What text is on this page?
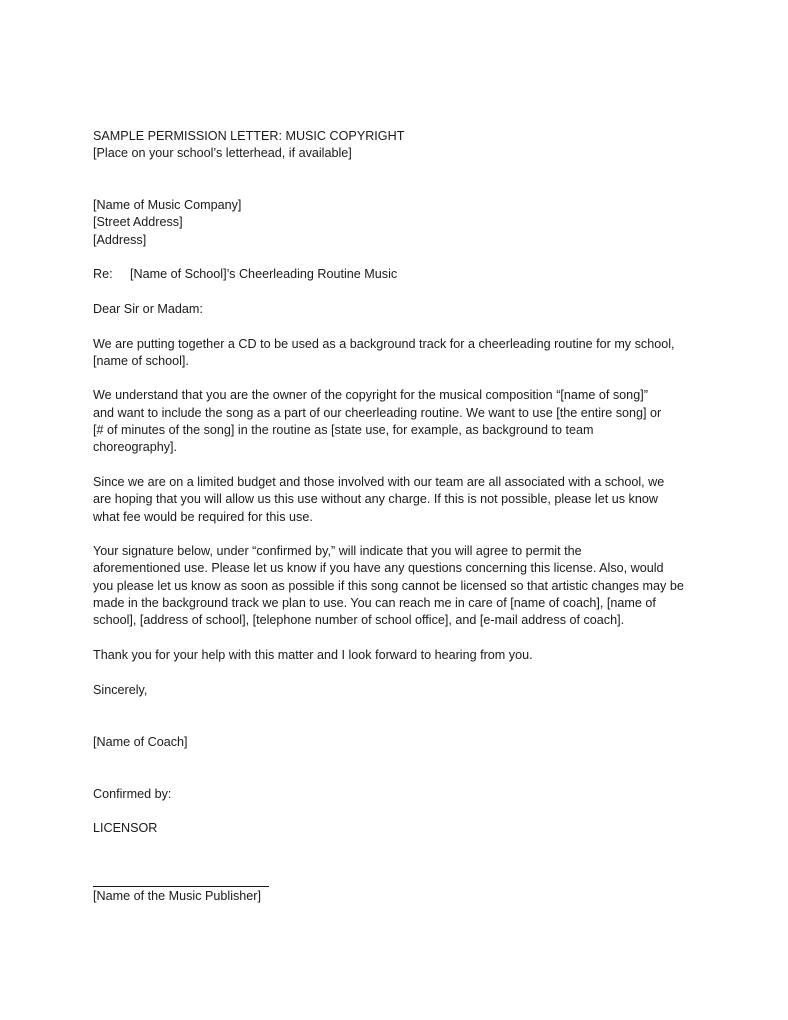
SAMPLE PERMISSION LETTER: MUSIC COPYRIGHT

[Place on your school’s letterhead, if available]

[Name of Music Company]

[Street Address]

[Address]

Re: [Name of School]’s Cheerleading Routine Music

Dear Sir or Madam:

We are putting together a CD to be used as a background track for a cheerleading routine for my school,

[name of school].

We understand that you are the owner of the copyright for the musical composition “[name of song]”

and want to include the song as a part of our cheerleading routine. We want to use [the entire song] or

[# of minutes of the song] in the routine as [state use, for example, as background to team

choreography].

Since we are on a limited budget and those involved with our team are all associated with a school, we

are hoping that you will allow us this use without any charge. If this is not possible, please let us know

what fee would be required for this use.

Your signature below, under “confirmed by,” will indicate that you will agree to permit the

aforementioned use. Please let us know if you have any questions concerning this license. Also, would

you please let us know as soon as possible if this song cannot be licensed so that artistic changes may be

made in the background track we plan to use. You can reach me in care of [name of coach], [name of

school], [address of school], [telephone number of school office], and [e-mail address of coach].

Thank you for your help with this matter and I look forward to hearing from you.

Sincerely,

[Name of Coach]

Confirmed by:

LICENSOR

[Name of the Music Publisher]
